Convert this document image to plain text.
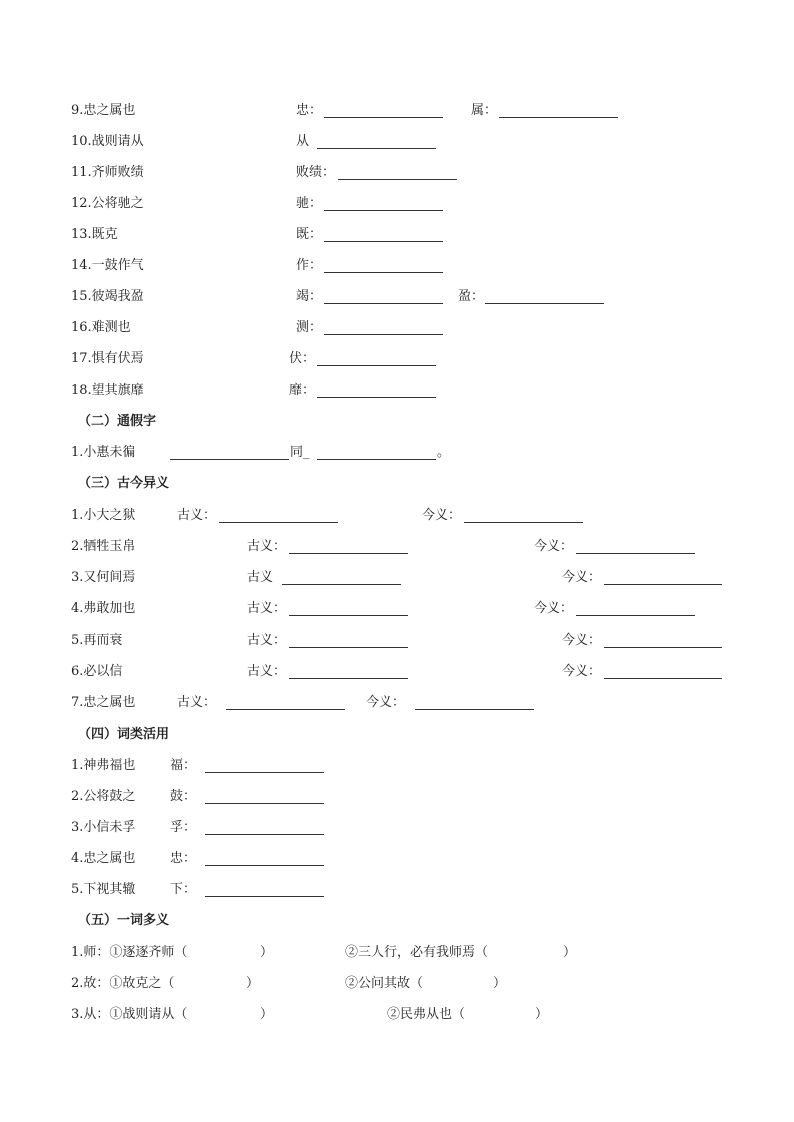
9.忠之属也	忠：	属：
10.战则请从	从
11.齐师败绩	败绩：
12.公将驰之	驰：
13.既克	既：
14.一鼓作气	作：
15.彼竭我盈	竭：	盈：
16.难测也	测：
17.惧有伏焉	伏：
18.望其旗靡	靡：
（二）通假字
1.小惠未徧	同_	。
（三）古今异义
1.小大之狱	古义：	今义：
2.牺牲玉帛	古义：	今义：
3.又何间焉	古义	今义：
4.弗敢加也	古义：	今义：
5.再而衰	古义：	今义：
6.必以信	古义：	今义：
7.忠之属也	古义：	今义：
（四）词类活用
1.神弗福也	福：
2.公将鼓之	鼓：
3.小信未孚	孚：
4.忠之属也	忠：
5.下视其辙	下：
（五）一词多义
1.师：①逐逐齐师（	）	②三人行，必有我师焉（	）
2.故：①故克之（	）	②公问其故（	）
3.从：①战则请从（	）	②民弗从也（	）
